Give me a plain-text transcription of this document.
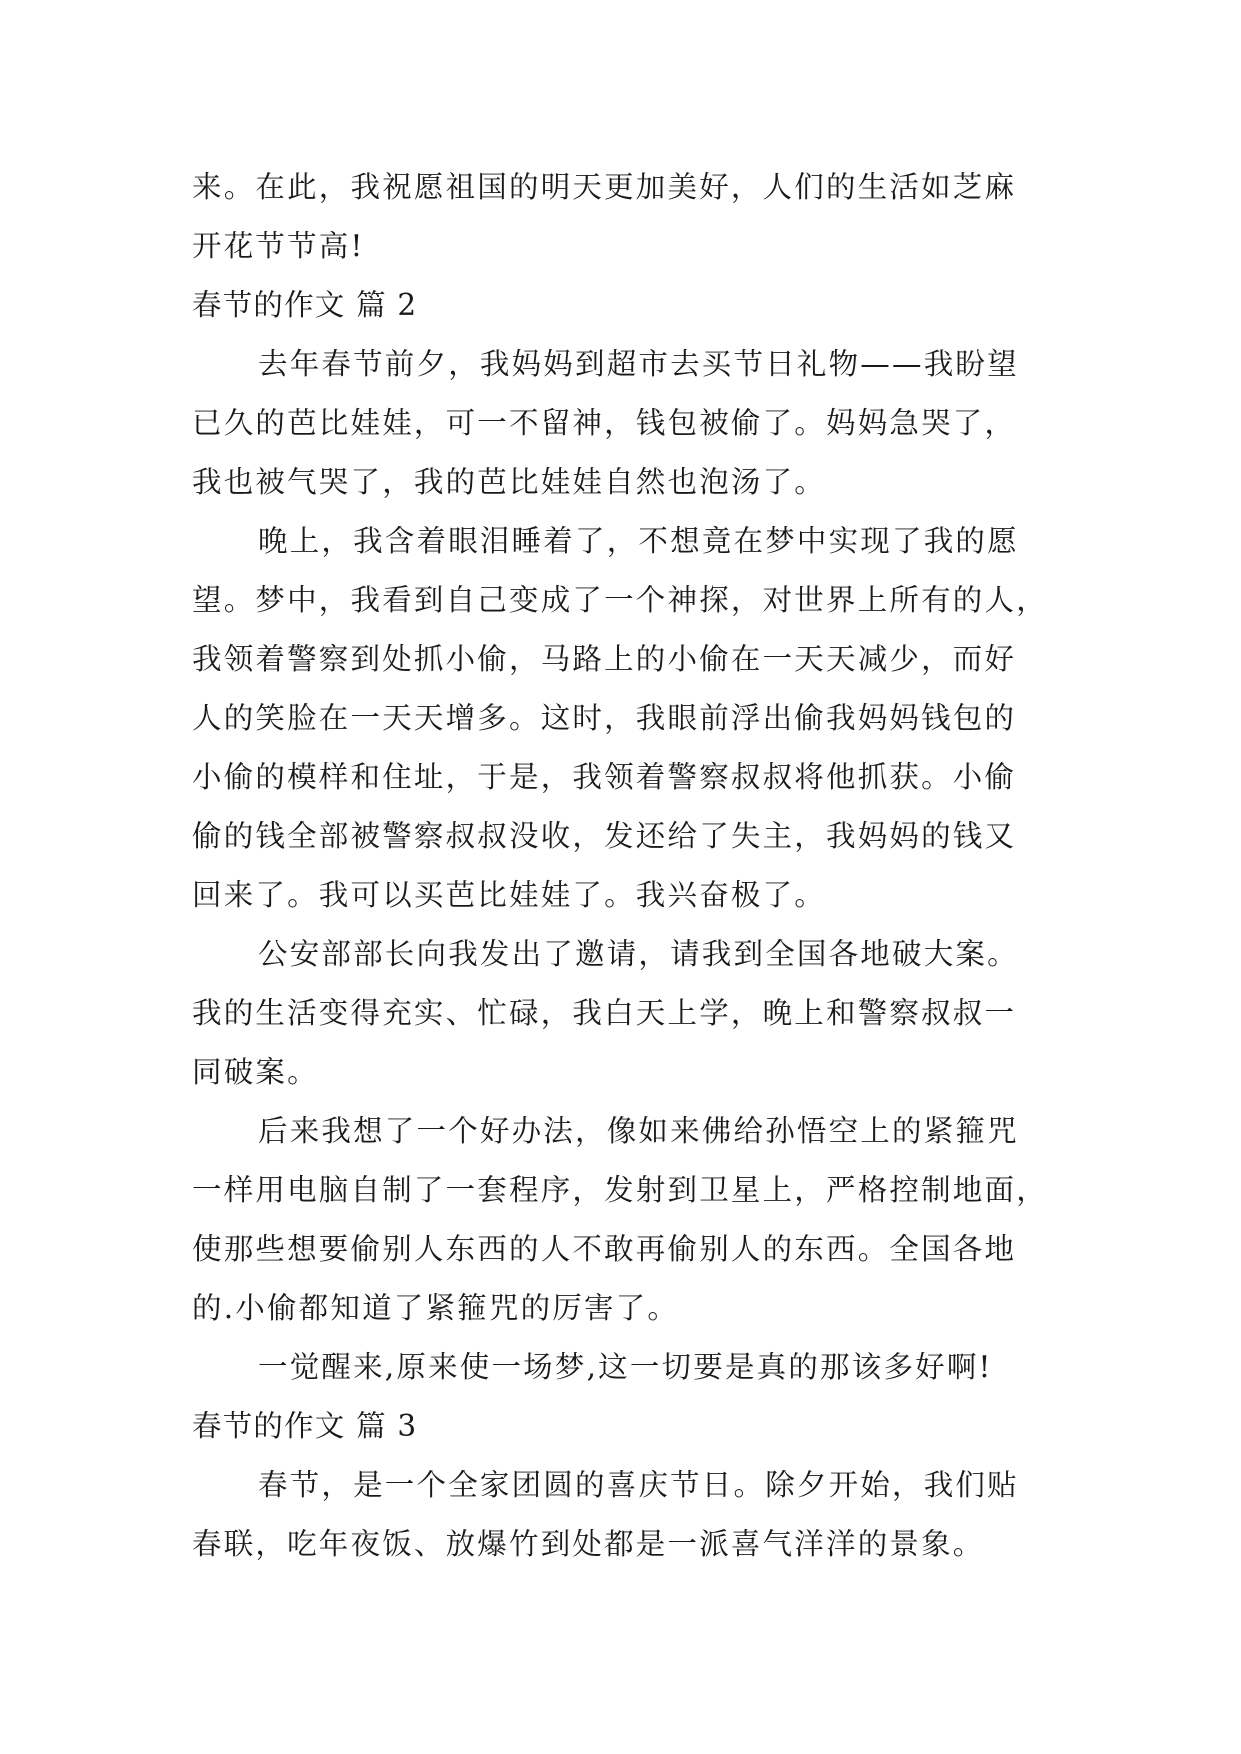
来。在此，我祝愿祖国的明天更加美好，人们的生活如芝麻
开花节节高!
春节的作文 篇 2
去年春节前夕，我妈妈到超市去买节日礼物——我盼望
已久的芭比娃娃，可一不留神，钱包被偷了。妈妈急哭了，
我也被气哭了，我的芭比娃娃自然也泡汤了。
晚上，我含着眼泪睡着了，不想竟在梦中实现了我的愿
望。梦中，我看到自己变成了一个神探，对世界上所有的人，
我领着警察到处抓小偷，马路上的小偷在一天天减少，而好
人的笑脸在一天天增多。这时，我眼前浮出偷我妈妈钱包的
小偷的模样和住址，于是，我领着警察叔叔将他抓获。小偷
偷的钱全部被警察叔叔没收，发还给了失主，我妈妈的钱又
回来了。我可以买芭比娃娃了。我兴奋极了。
公安部部长向我发出了邀请，请我到全国各地破大案。
我的生活变得充实、忙碌，我白天上学，晚上和警察叔叔一
同破案。
后来我想了一个好办法，像如来佛给孙悟空上的紧箍咒
一样用电脑自制了一套程序，发射到卫星上，严格控制地面，
使那些想要偷别人东西的人不敢再偷别人的东西。全国各地
的.小偷都知道了紧箍咒的厉害了。
一觉醒来,原来使一场梦,这一切要是真的那该多好啊!
春节的作文 篇 3
春节，是一个全家团圆的喜庆节日。除夕开始，我们贴
春联，吃年夜饭、放爆竹到处都是一派喜气洋洋的景象。
